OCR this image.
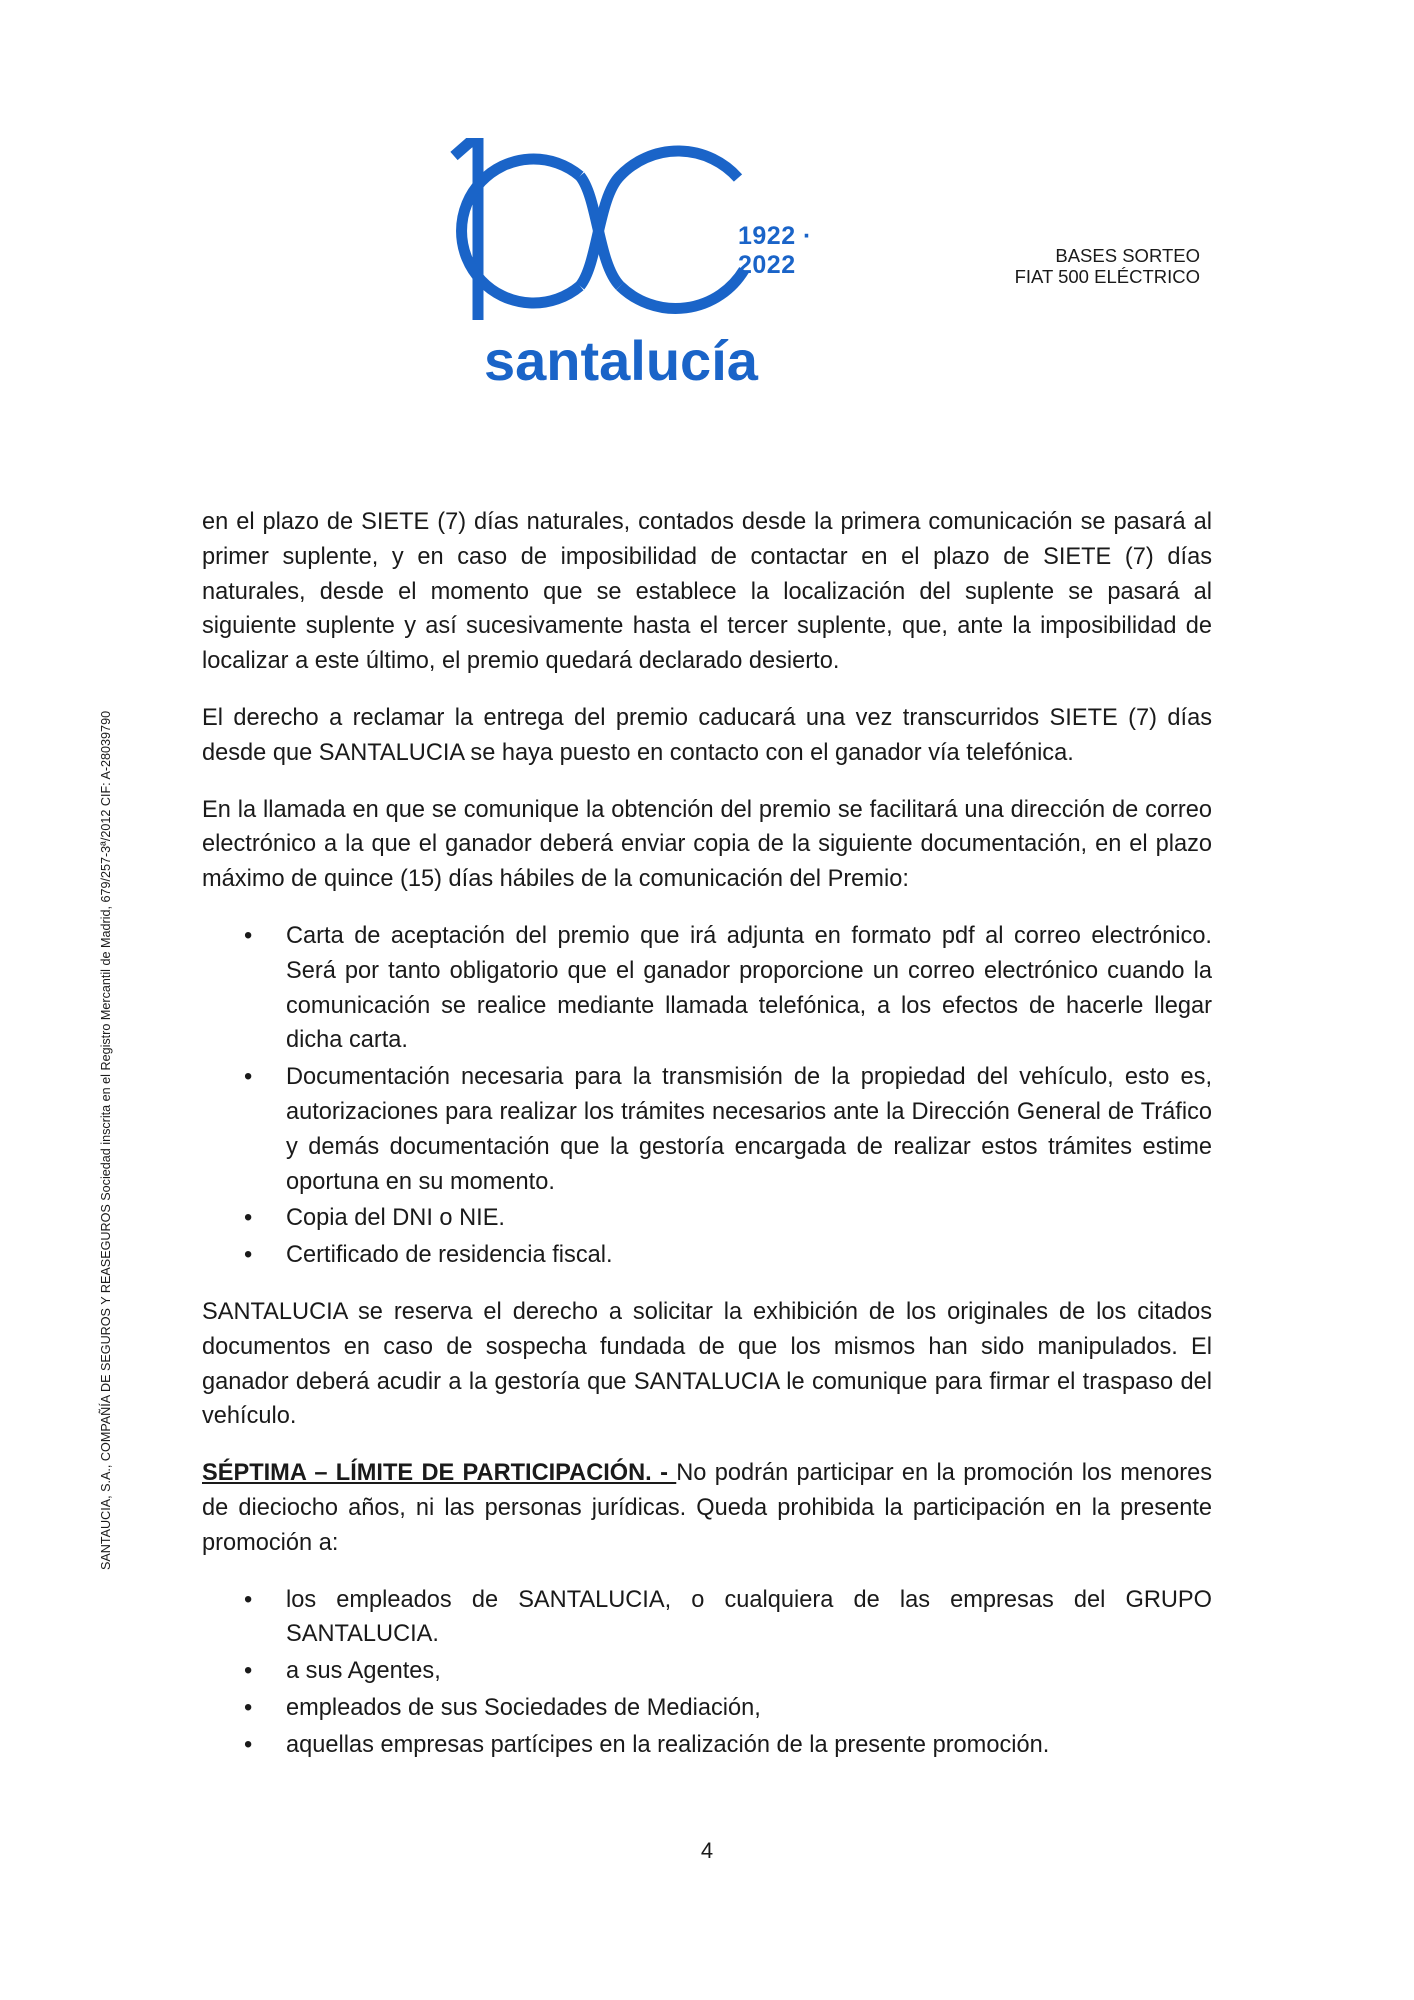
1922 · 2022
santalucía
BASES SORTEO
FIAT 500 ELÉCTRICO
SANTAUCIA, S.A., COMPAÑÍA DE SEGUROS Y REASEGUROS Sociedad inscrita en el Registro Mercantil de Madrid, 679/257-3ª/2012 CIF: A-28039790

en el plazo de SIETE (7) días naturales, contados desde la primera comunicación se pasará al primer suplente, y en caso de imposibilidad de contactar en el plazo de SIETE (7) días naturales, desde el momento que se establece la localización del suplente se pasará al siguiente suplente y así sucesivamente hasta el tercer suplente, que, ante la imposibilidad de localizar a este último, el premio quedará declarado desierto.

El derecho a reclamar la entrega del premio caducará una vez transcurridos SIETE (7) días desde que SANTALUCIA se haya puesto en contacto con el ganador vía telefónica.

En la llamada en que se comunique la obtención del premio se facilitará una dirección de correo electrónico a la que el ganador deberá enviar copia de la siguiente documentación, en el plazo máximo de quince (15) días hábiles de la comunicación del Premio:

• Carta de aceptación del premio que irá adjunta en formato pdf al correo electrónico. Será por tanto obligatorio que el ganador proporcione un correo electrónico cuando la comunicación se realice mediante llamada telefónica, a los efectos de hacerle llegar dicha carta.
• Documentación necesaria para la transmisión de la propiedad del vehículo, esto es, autorizaciones para realizar los trámites necesarios ante la Dirección General de Tráfico y demás documentación que la gestoría encargada de realizar estos trámites estime oportuna en su momento.
• Copia del DNI o NIE.
• Certificado de residencia fiscal.

SANTALUCIA se reserva el derecho a solicitar la exhibición de los originales de los citados documentos en caso de sospecha fundada de que los mismos han sido manipulados. El ganador deberá acudir a la gestoría que SANTALUCIA le comunique para firmar el traspaso del vehículo.

SÉPTIMA – LÍMITE DE PARTICIPACIÓN. - No podrán participar en la promoción los menores de dieciocho años, ni las personas jurídicas. Queda prohibida la participación en la presente promoción a:

• los empleados de SANTALUCIA, o cualquiera de las empresas del GRUPO SANTALUCIA.
• a sus Agentes,
• empleados de sus Sociedades de Mediación,
• aquellas empresas partícipes en la realización de la presente promoción.
4
